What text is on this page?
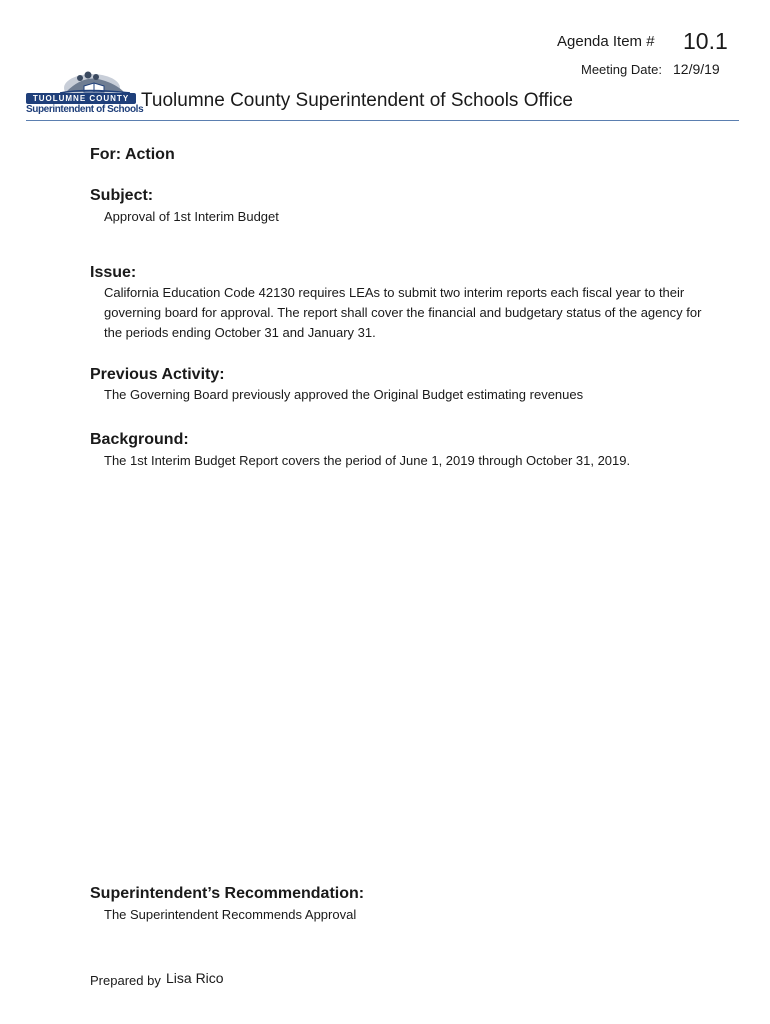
Agenda Item # 10.1
Meeting Date: 12/9/19
TUOLUMNE COUNTY
Superintendent of Schools
Tuolumne County Superintendent of Schools Office
For: Action
Subject:
Approval of 1st Interim Budget
Issue:
California Education Code 42130 requires LEAs to submit two interim reports each fiscal year to their governing board for approval. The report shall cover the financial and budgetary status of the agency for the periods ending October 31 and January 31.
Previous Activity:
The Governing Board previously approved the Original Budget estimating revenues
Background:
The 1st Interim Budget Report covers the period of June 1, 2019 through October 31, 2019.
Superintendent’s Recommendation:
The Superintendent Recommends Approval
Prepared by Lisa Rico
